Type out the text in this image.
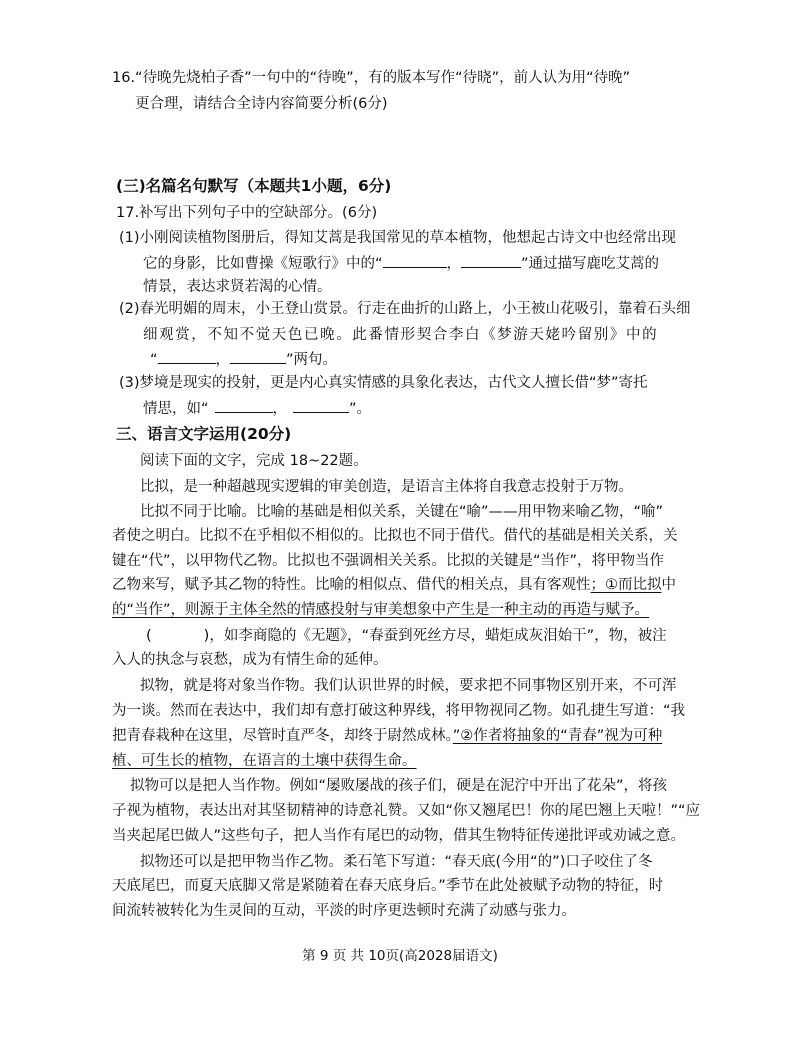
16.“待晚先烧柏子香”一句中的“待晚”，有的版本写作“待晓”，前人认为用“待晚”
更合理，请结合全诗内容简要分析(6分)
(三)名篇名句默写（本题共1小题，6分)
17.补写出下列句子中的空缺部分。(6分)
(1)小刚阅读植物图册后，得知艾蒿是我国常见的草本植物，他想起古诗文中也经常出现
它的身影，比如曹操《短歌行》中的“	，	”通过描写鹿吃艾蒿的
情景，表达求贤若渴的心情。
(2)春光明媚的周末，小王登山赏景。行走在曲折的山路上，小王被山花吸引，靠着石头细
细观赏，不知不觉天色已晚。此番情形契合李白《梦游天姥吟留别》中的
“	，	”两句。
(3)梦境是现实的投射，更是内心真实情感的具象化表达，古代文人擅长借“梦”寄托
情思，如“	，	”。
三、语言文字运用(20分)
阅读下面的文字，完成 18~22题。
比拟，是一种超越现实逻辑的审美创造，是语言主体将自我意志投射于万物。
比拟不同于比喻。比喻的基础是相似关系，关键在“喻”——用甲物来喻乙物，“喻”
者使之明白。比拟不在乎相似不相似的。比拟也不同于借代。借代的基础是相关关系，关
键在“代”，以甲物代乙物。比拟也不强调相关关系。比拟的关键是“当作”，将甲物当作
乙物来写，赋予其乙物的特性。比喻的相似点、借代的相关点，具有客观性；①而比拟中
的“当作”，则源于主体全然的情感投射与审美想象中产生是一种主动的再造与赋予。
(	)，如李商隐的《无题》，“春蚕到死丝方尽，蜡炬成灰泪始干”，物，被注
入人的执念与哀愁，成为有情生命的延伸。
拟物，就是将对象当作物。我们认识世界的时候，要求把不同事物区别开来，不可浑
为一谈。然而在表达中，我们却有意打破这种界线，将甲物视同乙物。如孔捷生写道：“我
把青春栽种在这里，尽管时直严冬，却终于尉然成林。”②作者将抽象的“青春”视为可种
植、可生长的植物，在语言的土壤中获得生命。
拟物可以是把人当作物。例如“屡败屡战的孩子们，硬是在泥泞中开出了花朵”，将孩
子视为植物，表达出对其坚韧精神的诗意礼赞。又如“你又翘尾巴！你的尾巴翘上天啦！”“应
当夹起尾巴做人”这些句子，把人当作有尾巴的动物，借其生物特征传递批评或劝诫之意。
拟物还可以是把甲物当作乙物。柔石笔下写道：“春天底(今用“的”)口子咬住了冬
天底尾巴，而夏天底脚又常是紧随着在春天底身后。”季节在此处被赋予动物的特征，时
间流转被转化为生灵间的互动，平淡的时序更迭顿时充满了动感与张力。
第 9 页 共 10页(高2028届语文)
